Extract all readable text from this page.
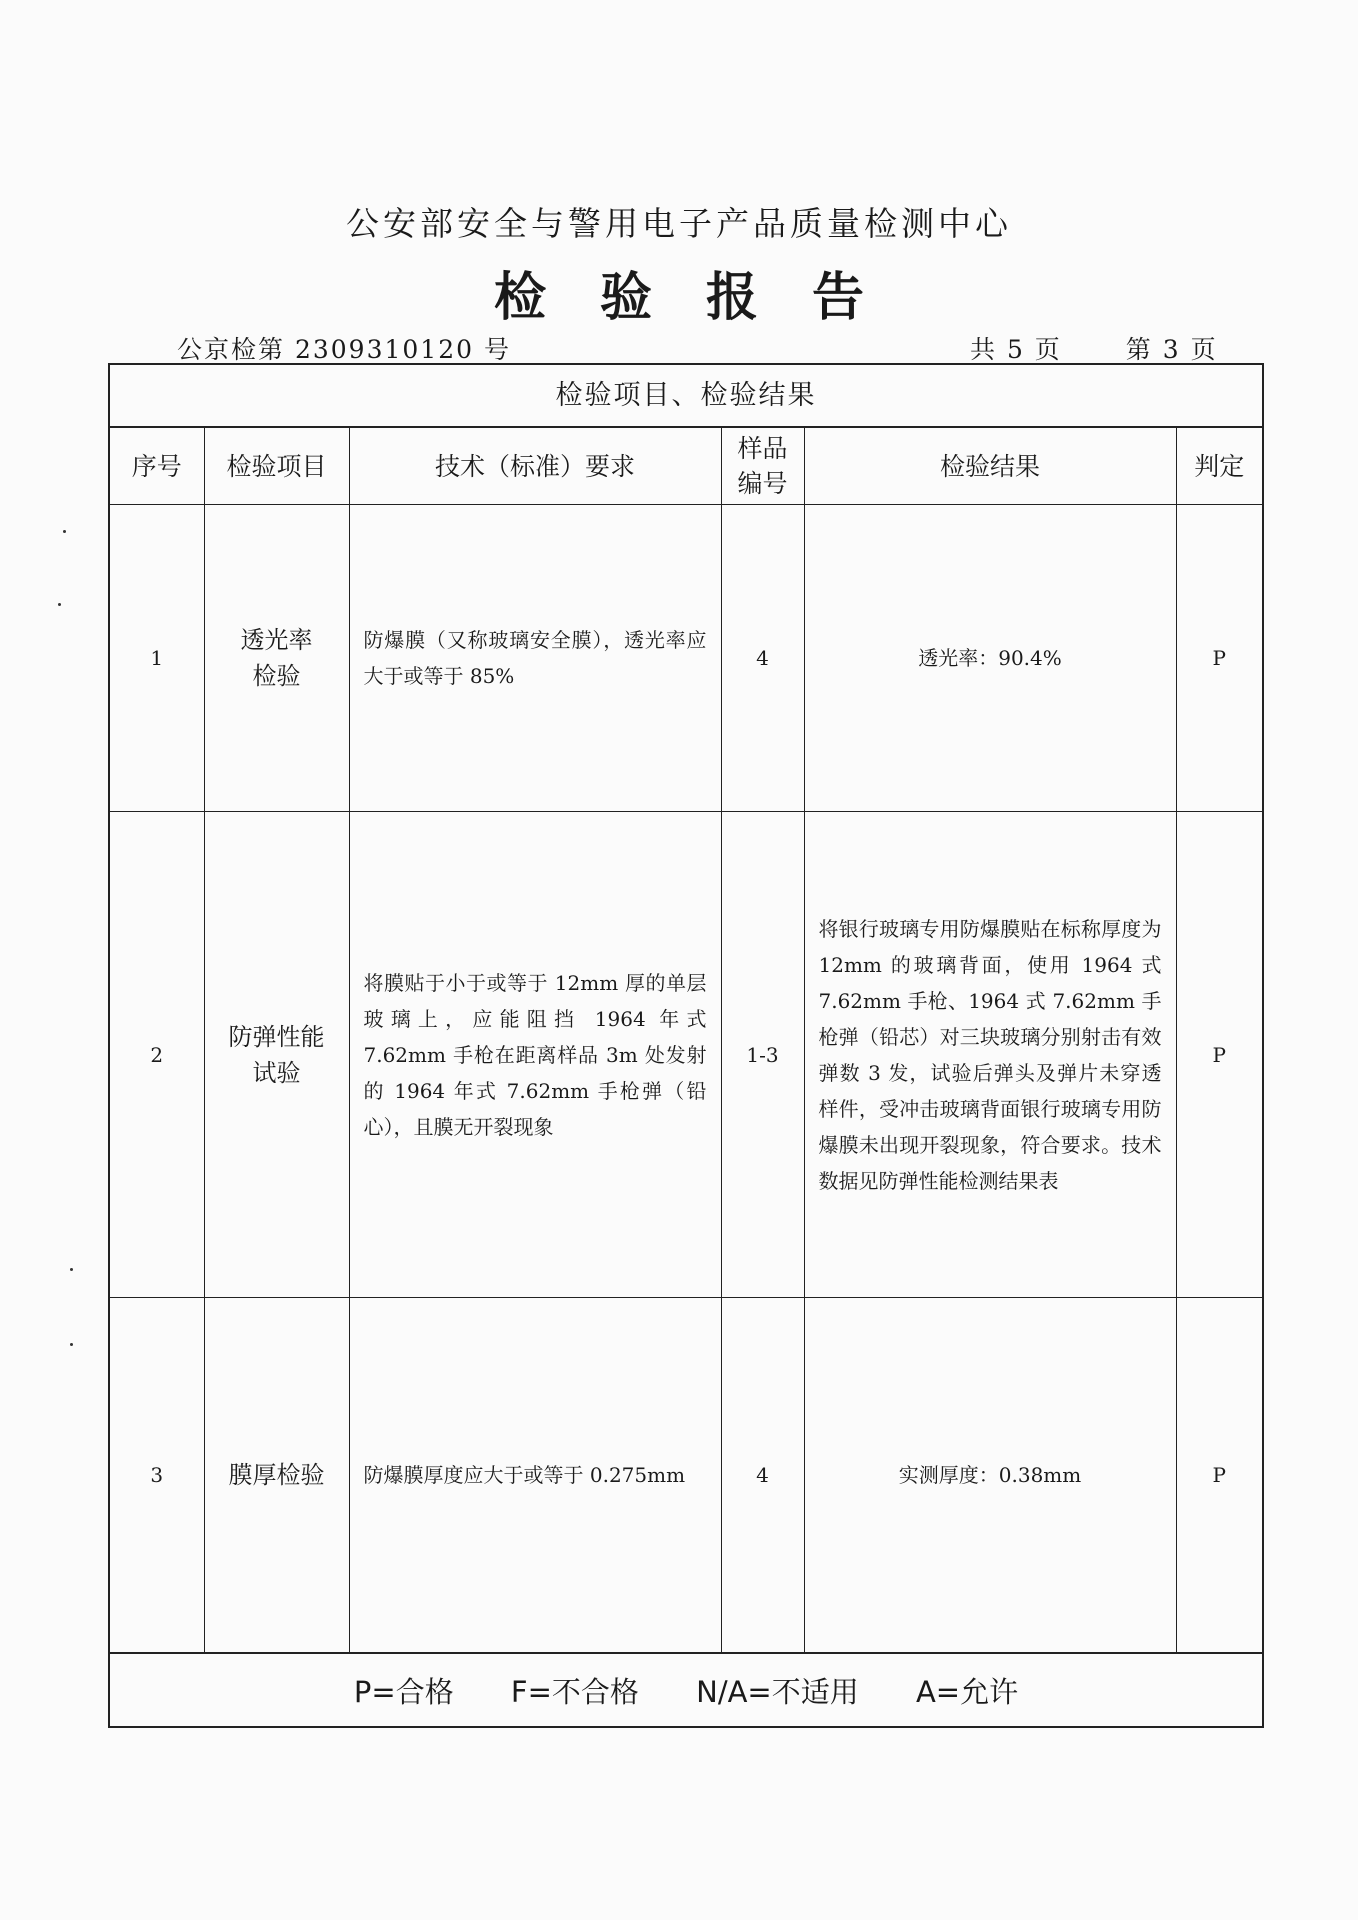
公安部安全与警用电子产品质量检测中心
检验报告
公京检第 2309310120 号	共 5 页	第 3 页
检验项目、检验结果
序号	检验项目	技术（标准）要求	样品编号	检验结果	判定
1	透光率检验	防爆膜（又称玻璃安全膜），透光率应大于或等于 85%	4	透光率：90.4%	P
2	防弹性能试验	将膜贴于小于或等于 12mm 厚的单层玻璃上，应能阻挡 1964 年式 7.62mm 手枪在距离样品 3m 处发射的 1964 年式 7.62mm 手枪弹（铅心），且膜无开裂现象	1-3	将银行玻璃专用防爆膜贴在标称厚度为 12mm 的玻璃背面，使用 1964 式 7.62mm 手枪、1964 式 7.62mm 手枪弹（铅芯）对三块玻璃分别射击有效弹数 3 发，试验后弹头及弹片未穿透样件，受冲击玻璃背面银行玻璃专用防爆膜未出现开裂现象，符合要求。技术数据见防弹性能检测结果表	P
3	膜厚检验	防爆膜厚度应大于或等于 0.275mm	4	实测厚度：0.38mm	P
P=合格 F=不合格 N/A=不适用 A=允许
